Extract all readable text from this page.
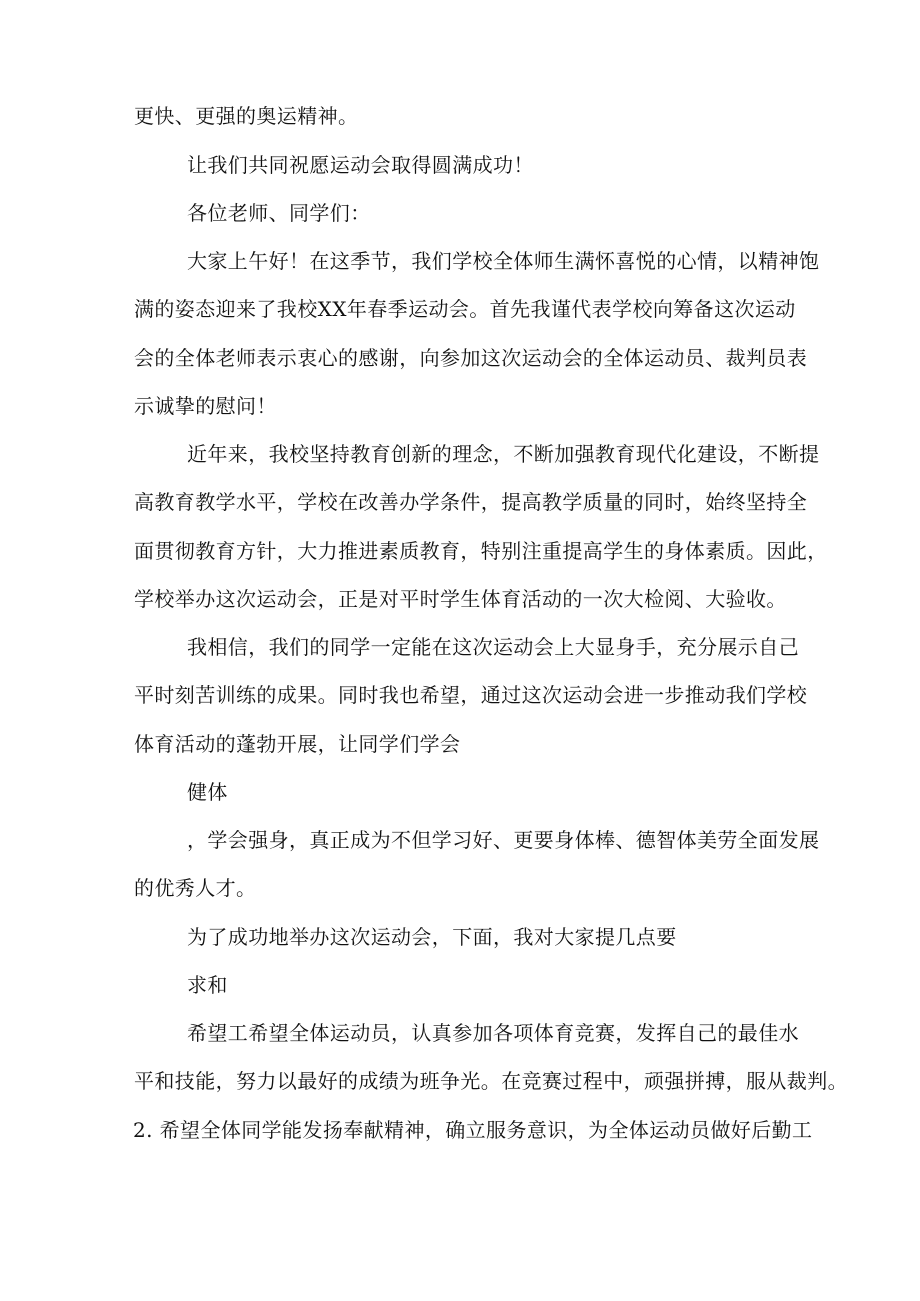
更快、更强的奥运精神。
让我们共同祝愿运动会取得圆满成功！
各位老师、同学们：
大家上午好！在这季节，我们学校全体师生满怀喜悦的心情，以精神饱
满的姿态迎来了我校XX年春季运动会。首先我谨代表学校向筹备这次运动
会的全体老师表示衷心的感谢，向参加这次运动会的全体运动员、裁判员表
示诚挚的慰问！
近年来，我校坚持教育创新的理念，不断加强教育现代化建设，不断提
高教育教学水平，学校在改善办学条件，提高教学质量的同时，始终坚持全
面贯彻教育方针，大力推进素质教育，特别注重提高学生的身体素质。因此，
学校举办这次运动会，正是对平时学生体育活动的一次大检阅、大验收。
我相信，我们的同学一定能在这次运动会上大显身手，充分展示自己
平时刻苦训练的成果。同时我也希望，通过这次运动会进一步推动我们学校
体育活动的蓬勃开展，让同学们学会
健体
，学会强身，真正成为不但学习好、更要身体棒、德智体美劳全面发展
的优秀人才。
为了成功地举办这次运动会，下面，我对大家提几点要
求和
希望工希望全体运动员，认真参加各项体育竞赛，发挥自己的最佳水
平和技能，努力以最好的成绩为班争光。在竞赛过程中，顽强拼搏，服从裁判。
2. 希望全体同学能发扬奉献精神，确立服务意识，为全体运动员做好后勤工
